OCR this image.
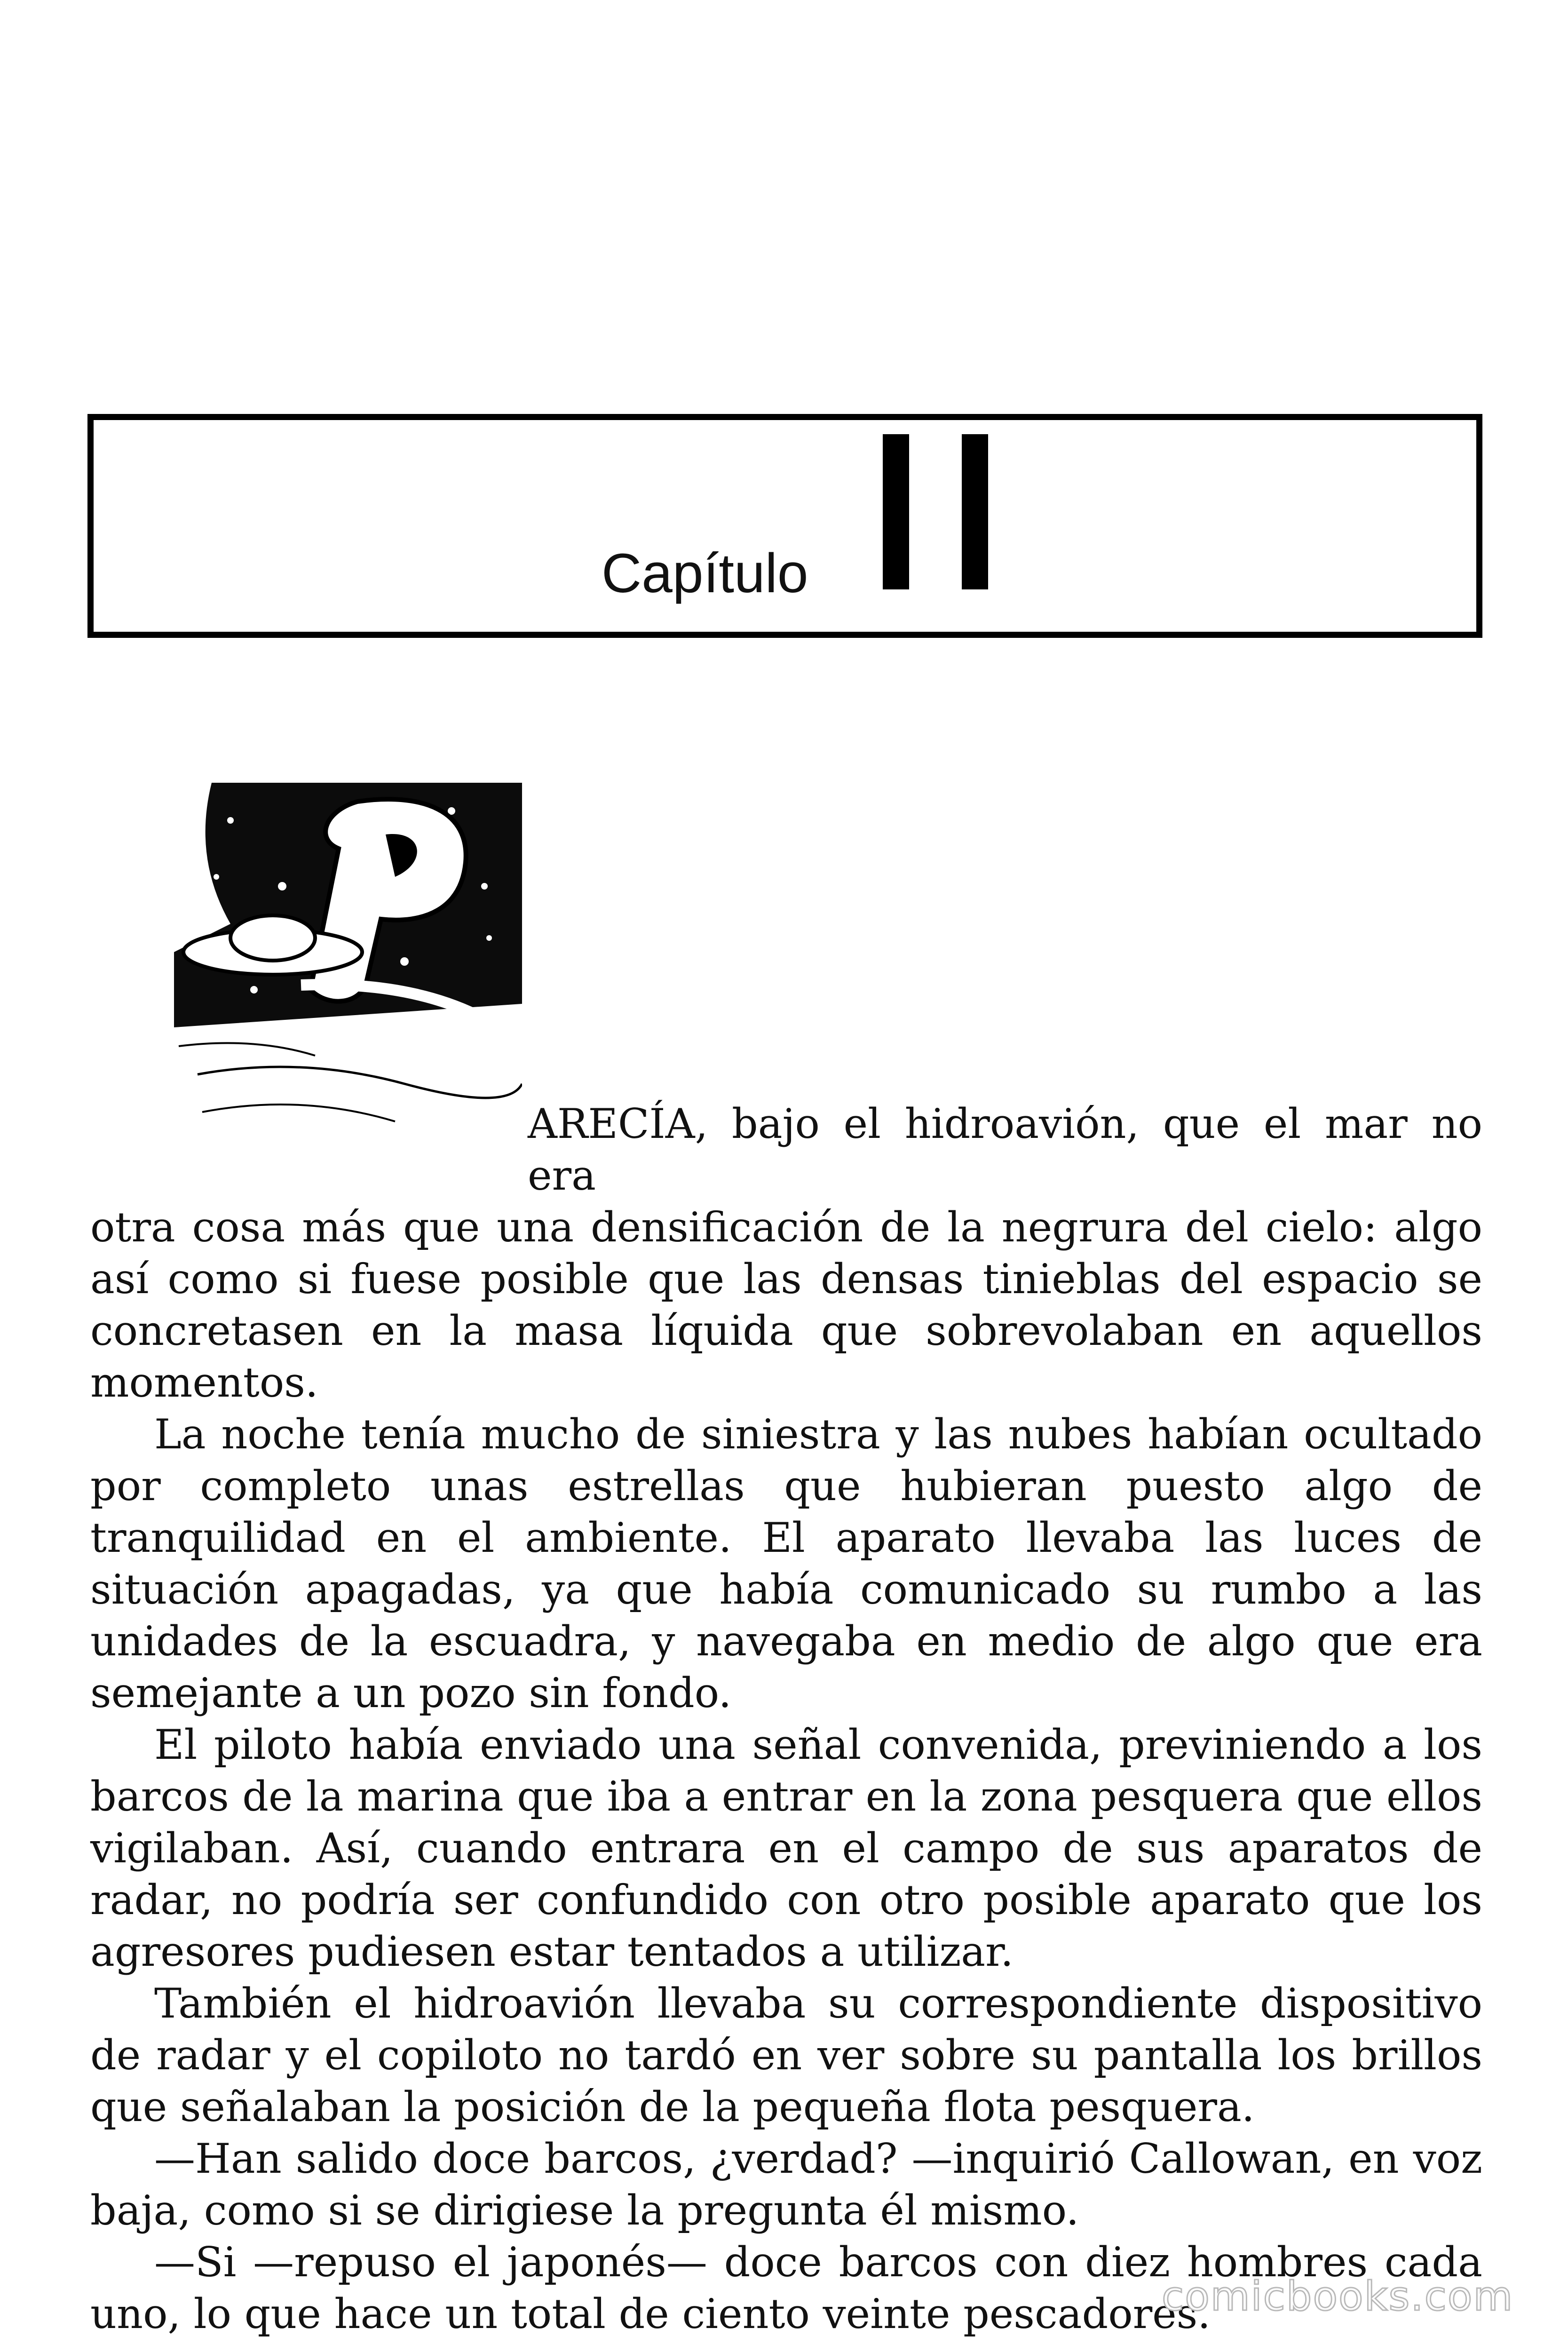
Capítulo

ARECÍA, bajo el hidroavión, que el mar no era
otra cosa más que una densificación de la negrura del cielo: algo así como si fuese posible que las densas tinieblas del espacio se concretasen en la masa líquida que sobrevolaban en aquellos momentos.

La noche tenía mucho de siniestra y las nubes habían ocultado por completo unas estrellas que hubieran puesto algo de tranquilidad en el ambiente. El aparato llevaba las luces de situación apagadas, ya que había comunicado su rumbo a las unidades de la escuadra, y navegaba en medio de algo que era semejante a un pozo sin fondo.

El piloto había enviado una señal convenida, previniendo a los barcos de la marina que iba a entrar en la zona pesquera que ellos vigilaban. Así, cuando entrara en el campo de sus aparatos de radar, no podría ser confundido con otro posible aparato que los agresores pudiesen estar tentados a utilizar.

También el hidroavión llevaba su correspondiente dispositivo de radar y el copiloto no tardó en ver sobre su pantalla los brillos que señalaban la posición de la pequeña flota pesquera.

—Han salido doce barcos, ¿verdad? —inquirió Callowan, en voz baja, como si se dirigiese la pregunta él mismo.

—Si —repuso el japonés— doce barcos con diez hombres cada uno, lo que hace un total de ciento veinte pescadores.

comicbooks.com
